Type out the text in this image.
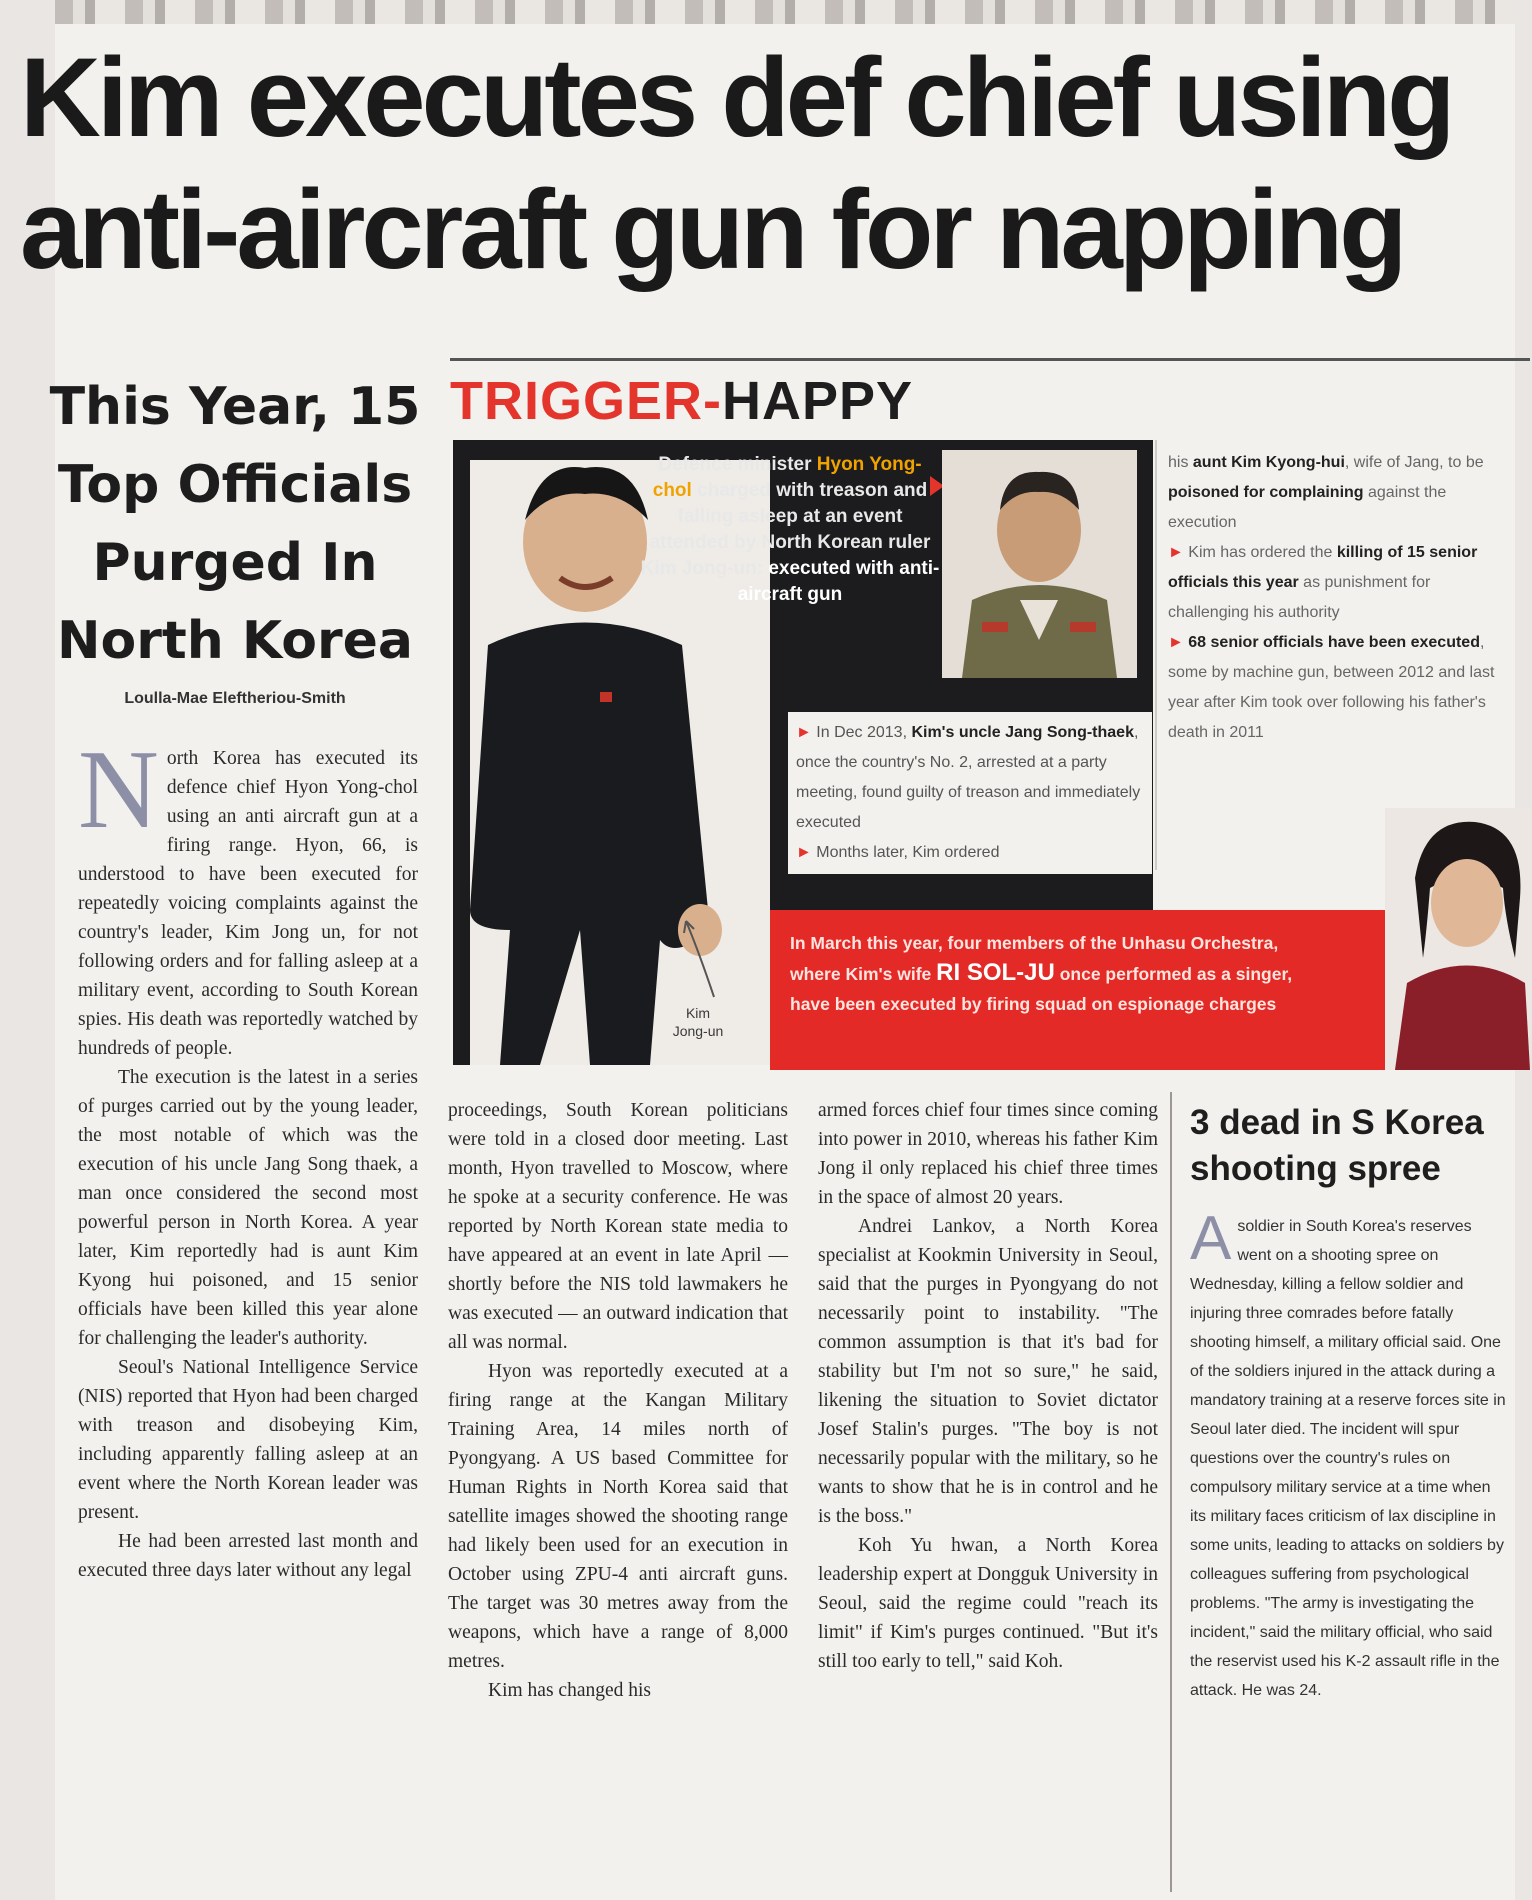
Kim executes def chief using anti-aircraft gun for napping
This Year, 15 Top Officials Purged In North Korea
Loulla-Mae Eleftheriou-Smith

North Korea has executed its defence chief Hyon Yong-chol using an anti aircraft gun at a firing range. Hyon, 66, is understood to have been executed for repeatedly voicing complaints against the country's leader, Kim Jong un, for not following orders and for falling asleep at a military event, according to South Korean spies. His death was reportedly watched by hundreds of people.

The execution is the latest in a series of purges carried out by the young leader, the most notable of which was the execution of his uncle Jang Song thaek, a man once considered the second most powerful person in North Korea. A year later, Kim reportedly had is aunt Kim Kyong hui poisoned, and 15 senior officials have been killed this year alone for challenging the leader's authority.

Seoul's National Intelligence Service (NIS) reported that Hyon had been charged with treason and disobeying Kim, including apparently falling asleep at an event where the North Korean leader was present.

He had been arrested last month and executed three days later without any legal

proceedings, South Korean politicians were told in a closed door meeting. Last month, Hyon travelled to Moscow, where he spoke at a security conference. He was reported by North Korean state media to have appeared at an event in late April — shortly before the NIS told lawmakers he was executed — an outward indication that all was normal.

Hyon was reportedly executed at a firing range at the Kangan Military Training Area, 14 miles north of Pyongyang. A US based Committee for Human Rights in North Korea said that satellite images showed the shooting range had likely been used for an execution in October using ZPU-4 anti aircraft guns. The target was 30 metres away from the weapons, which have a range of 8,000 metres.

Kim has changed his

armed forces chief four times since coming into power in 2010, whereas his father Kim Jong il only replaced his chief three times in the space of almost 20 years.

Andrei Lankov, a North Korea specialist at Kookmin University in Seoul, said that the purges in Pyongyang do not necessarily point to instability. "The common assumption is that it's bad for stability but I'm not so sure," he said, likening the situation to Soviet dictator Josef Stalin's purges. "The boy is not necessarily popular with the military, so he wants to show that he is in control and he is the boss."

Koh Yu hwan, a North Korea leadership expert at Dongguk University in Seoul, said the regime could "reach its limit" if Kim's purges continued. "But it's still too early to tell," said Koh.

TRIGGER-HAPPY
Defence minister Hyon Yong-chol charged with treason and falling asleep at an event attended by North Korean ruler Kim Jong-un: executed with anti-aircraft gun
► In Dec 2013, Kim's uncle Jang Song-thaek, once the country's No. 2, arrested at a party meeting, found guilty of treason and immediately executed
► Months later, Kim ordered
his aunt Kim Kyong-hui, wife of Jang, to be poisoned for complaining against the execution
► Kim has ordered the killing of 15 senior officials this year as punishment for challenging his authority
► 68 senior officials have been executed, some by machine gun, between 2012 and last year after Kim took over following his father's death in 2011
In March this year, four members of the Unhasu Orchestra, where Kim's wife RI SOL-JU once performed as a singer, have been executed by firing squad on espionage charges
Kim Jong-un
3 dead in S Korea shooting spree
A soldier in South Korea's reserves went on a shooting spree on Wednesday, killing a fellow soldier and injuring three comrades before fatally shooting himself, a military official said. One of the soldiers injured in the attack during a mandatory training at a reserve forces site in Seoul later died. The incident will spur questions over the country's rules on compulsory military service at a time when its military faces criticism of lax discipline in some units, leading to attacks on soldiers by colleagues suffering from psychological problems. "The army is investigating the incident," said the military official, who said the reservist used his K-2 assault rifle in the attack. He was 24.
